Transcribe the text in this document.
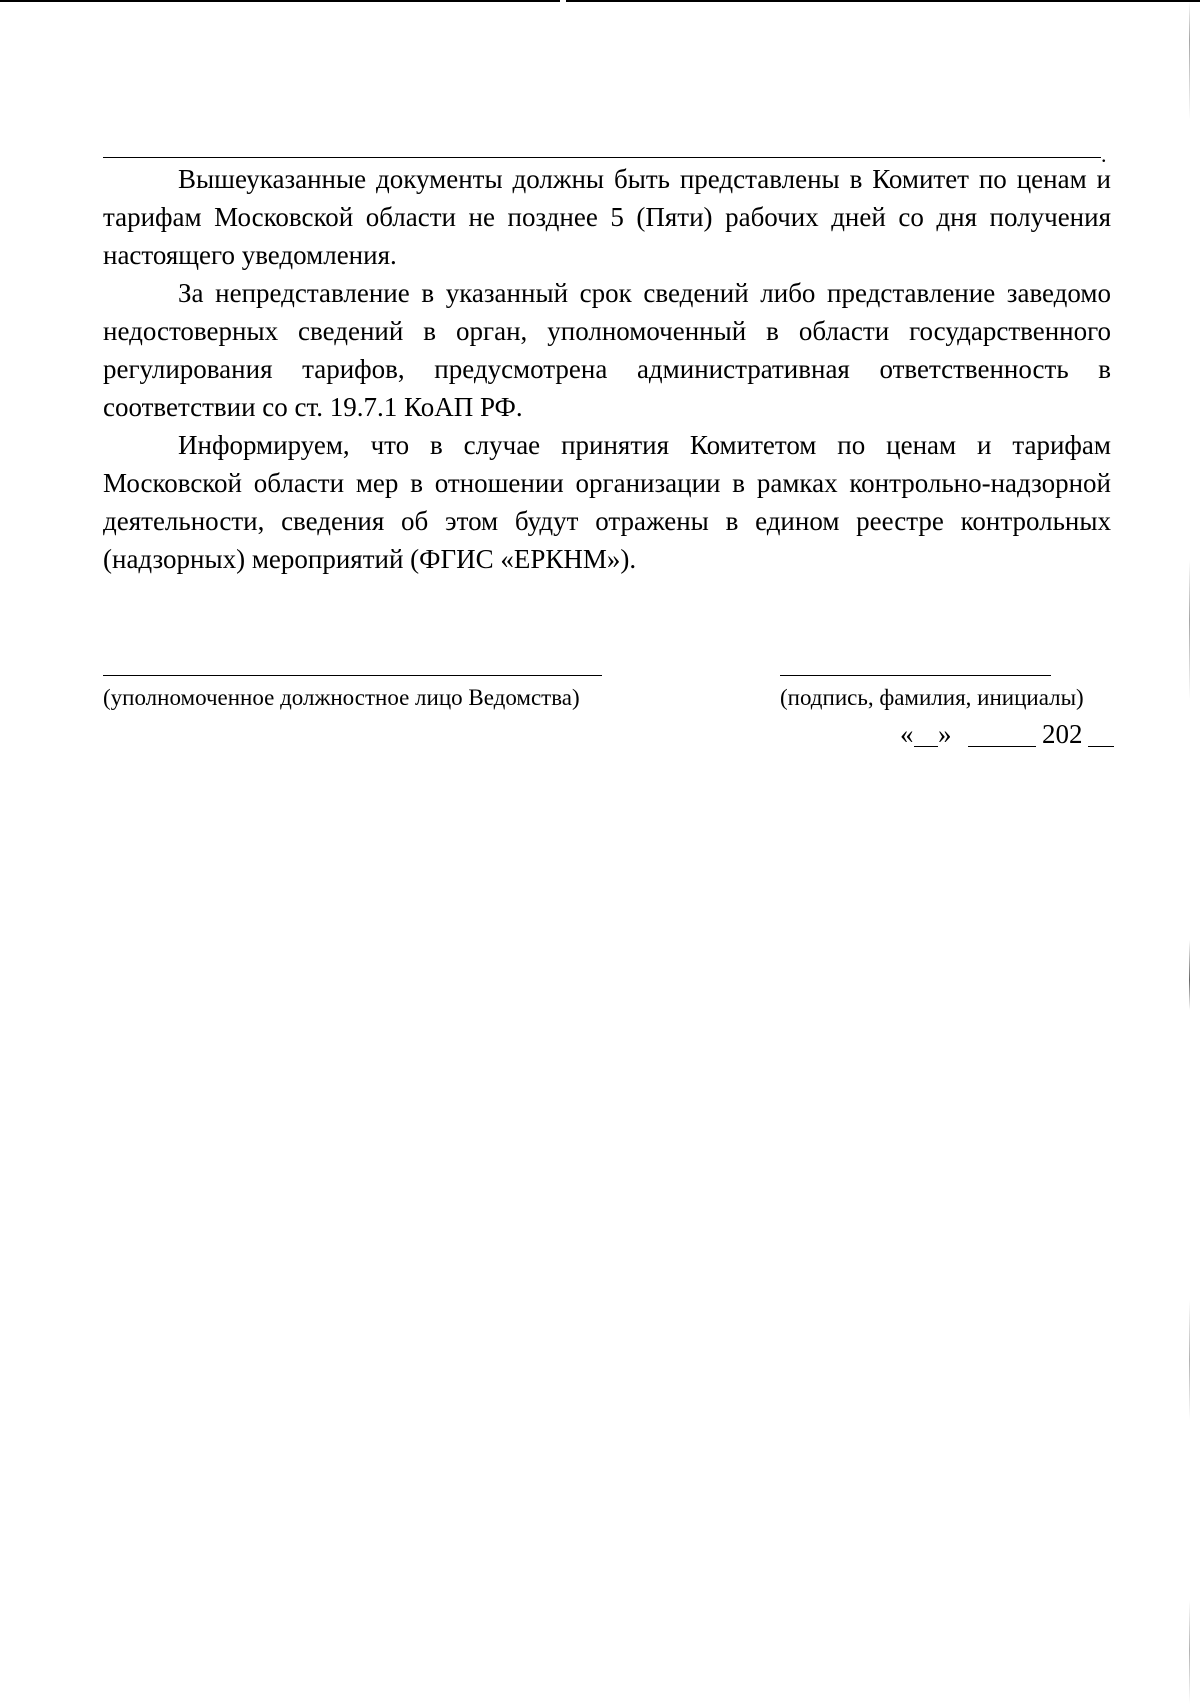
.

Вышеуказанные документы должны быть представлены в Комитет по ценам и тарифам Московской области не позднее 5 (Пяти) рабочих дней со дня получения настоящего уведомления.

За непредставление в указанный срок сведений либо представление заведомо недостоверных сведений в орган, уполномоченный в области государственного регулирования тарифов, предусмотрена административная ответственность в соответствии со ст. 19.7.1 КоАП РФ.

Информируем, что в случае принятия Комитетом по ценам и тарифам Московской области мер в отношении организации в рамках контрольно-надзорной деятельности, сведения об этом будут отражены в едином реестре контрольных (надзорных) мероприятий (ФГИС «ЕРКНМ»).

(уполномоченное должностное лицо Ведомства)	(подпись, фамилия, инициалы)
« »	202
